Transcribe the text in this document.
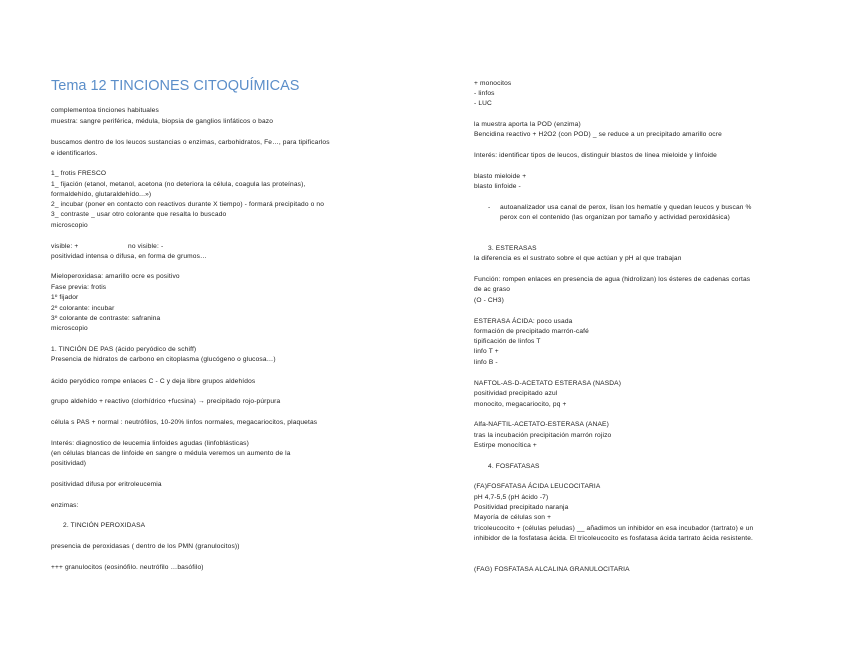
Tema 12 TINCIONES CITOQUÍMICAS
complementoa tinciones habituales
muestra: sangre periférica, médula, biopsia de ganglios linfáticos o bazo
buscamos dentro de los leucos sustancias o enzimas, carbohidratos, Fe…, para tipificarlos
e identificarlos.
1_ frotis FRESCO
1_ fijación (etanol, metanol, acetona (no deteriora la célula, coagula las proteínas),
formaldehído, glutaraldehído...»)
2_ incubar (poner en contacto con reactivos durante X tiempo) - formará precipitado o no
3_ contraste _ usar otro colorante que resalta lo buscado
microscopio
visible: +	no visible: -
positividad intensa o difusa, en forma de grumos…
Mieloperoxidasa: amarillo ocre es positivo
Fase previa: frotis
1º fijador
2º colorante: incubar
3º colorante de contraste: safranina
microscopio
1. TINCIÓN DE PAS (ácido peryódico de schiff)
Presencia de hidratos de carbono en citoplasma (glucógeno o glucosa…)
ácido peryódico rompe enlaces C - C y deja libre grupos aldehídos
grupo aldehído + reactivo (clorhídrico +fucsina) → precipitado rojo-púrpura
célula s PAS + normal : neutrófilos, 10-20% linfos normales, megacariocitos, plaquetas
Interés: diagnostico de leucemia linfoides agudas (linfoblásticas)
(en células blancas de linfoide en sangre o médula veremos un aumento de la
positividad)
positividad difusa por eritroleucemia
enzimas:
2. TINCIÓN PEROXIDASA
presencia de peroxidasas ( dentro de los PMN (granulocitos))
+++ granulocitos (eosinófilo. neutrófilo …basófilo)
+ monocitos
- linfos
- LUC
la muestra aporta la POD (enzima)
Bencidina reactivo + H2O2 (con POD) _ se reduce a un precipitado amarillo ocre
Interés: identificar tipos de leucos, distinguir blastos de línea mieloide y linfoide
blasto mieloide +
blasto linfoide -
- autoanalizador usa canal de perox, lisan los hematíe y quedan leucos y buscan %
perox con el contenido (las organizan por tamaño y actividad peroxidásica)
3. ESTERASAS
la diferencia es el sustrato sobre el que actúan y pH al que trabajan
Función: rompen enlaces en presencia de agua (hidrolizan) los ésteres de cadenas cortas
de ac graso
(O - CH3)
ESTERASA ÁCIDA: poco usada
formación de precipitado marrón-café
tipificación de linfos T
linfo T +
linfo B -
NAFTOL-AS-D-ACETATO ESTERASA (NASDA)
positividad precipitado azul
monocito, megacariocito, pq +
Alfa-NAFTIL-ACETATO-ESTERASA (ANAE)
tras la incubación precipitación marrón rojizo
Estirpe monocítica +
4. FOSFATASAS
(FA)FOSFATASA ÁCIDA LEUCOCITARIA
pH 4,7-5,5 (pH ácido -7)
Positividad precipitado naranja
Mayoría de células son +
tricoleucocito + (células peludas) __ añadimos un inhibidor en esa incubador (tartrato) e un
inhibidor de la fosfatasa ácida. El tricoleucocito es fosfatasa ácida tartrato ácida resistente.
(FAG) FOSFATASA ALCALINA GRANULOCITARIA
